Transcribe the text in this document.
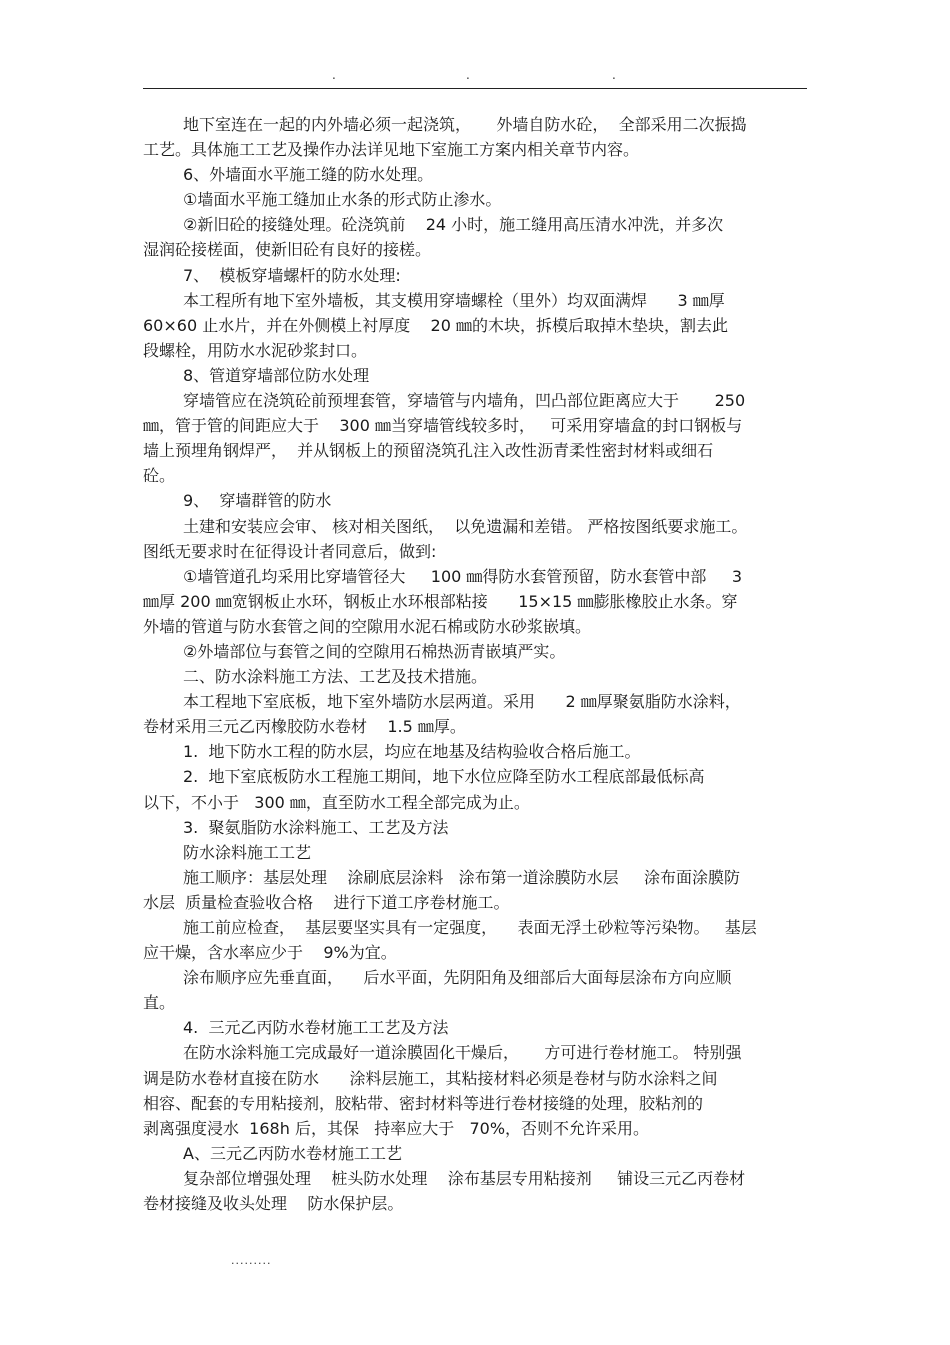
.	.	.
地下室连在一起的内外墙必须一起浇筑，     外墙自防水砼，  全部采用二次振捣
工艺。具体施工工艺及操作办法详见地下室施工方案内相关章节内容。
6、外墙面水平施工缝的防水处理。
①墙面水平施工缝加止水条的形式防止渗水。
②新旧砼的接缝处理。砼浇筑前    24 小时，施工缝用高压清水冲洗，并多次
湿润砼接槎面，使新旧砼有良好的接槎。
7、  模板穿墙螺杆的防水处理:
本工程所有地下室外墙板，其支模用穿墙螺栓（里外）均双面满焊      3 ㎜厚
60×60 止水片，并在外侧模上衬厚度    20 ㎜的木块，拆模后取掉木垫块，割去此
段螺栓，用防水水泥砂浆封口。
8、管道穿墙部位防水处理
穿墙管应在浇筑砼前预埋套管，穿墙管与内墙角，凹凸部位距离应大于       250
㎜，管于管的间距应大于    300 ㎜当穿墙管线较多时，   可采用穿墙盒的封口钢板与
墙上预埋角钢焊严，  并从钢板上的预留浇筑孔注入改性沥青柔性密封材料或细石
砼。
9、  穿墙群管的防水
土建和安装应会审、 核对相关图纸，  以免遗漏和差错。 严格按图纸要求施工。
图纸无要求时在征得设计者同意后，做到:
①墙管道孔均采用比穿墙管径大     100 ㎜得防水套管预留，防水套管中部     3
㎜厚 200 ㎜宽钢板止水环，钢板止水环根部粘接      15×15 ㎜膨胀橡胶止水条。穿
外墙的管道与防水套管之间的空隙用水泥石棉或防水砂浆嵌填。
②外墙部位与套管之间的空隙用石棉热沥青嵌填严实。
二、防水涂料施工方法、工艺及技术措施。
本工程地下室底板，地下室外墙防水层两道。采用      2 ㎜厚聚氨脂防水涂料，
卷材采用三元乙丙橡胶防水卷材    1.5 ㎜厚。
1.  地下防水工程的防水层，均应在地基及结构验收合格后施工。
2.  地下室底板防水工程施工期间，地下水位应降至防水工程底部最低标高
以下，不小于   300 ㎜，直至防水工程全部完成为止。
3.  聚氨脂防水涂料施工、工艺及方法
防水涂料施工工艺
施工顺序：基层处理    涂刷底层涂料   涂布第一道涂膜防水层     涂布面涂膜防
水层  质量检查验收合格    进行下道工序卷材施工。
施工前应检查，  基层要坚实具有一定强度，    表面无浮土砂粒等污染物。   基层
应干燥，含水率应少于    9%为宜。
涂布顺序应先垂直面，    后水平面，先阴阳角及细部后大面每层涂布方向应顺
直。
4.  三元乙丙防水卷材施工工艺及方法
在防水涂料施工完成最好一道涂膜固化干燥后，     方可进行卷材施工。 特别强
调是防水卷材直接在防水      涂料层施工，其粘接材料必须是卷材与防水涂料之间
相容、配套的专用粘接剂，胶粘带、密封材料等进行卷材接缝的处理，胶粘剂的
剥离强度浸水  168h 后，其保   持率应大于   70%，否则不允许采用。
A、三元乙丙防水卷材施工工艺
复杂部位增强处理    桩头防水处理    涂布基层专用粘接剂     铺设三元乙丙卷材
卷材接缝及收头处理    防水保护层。
.........
